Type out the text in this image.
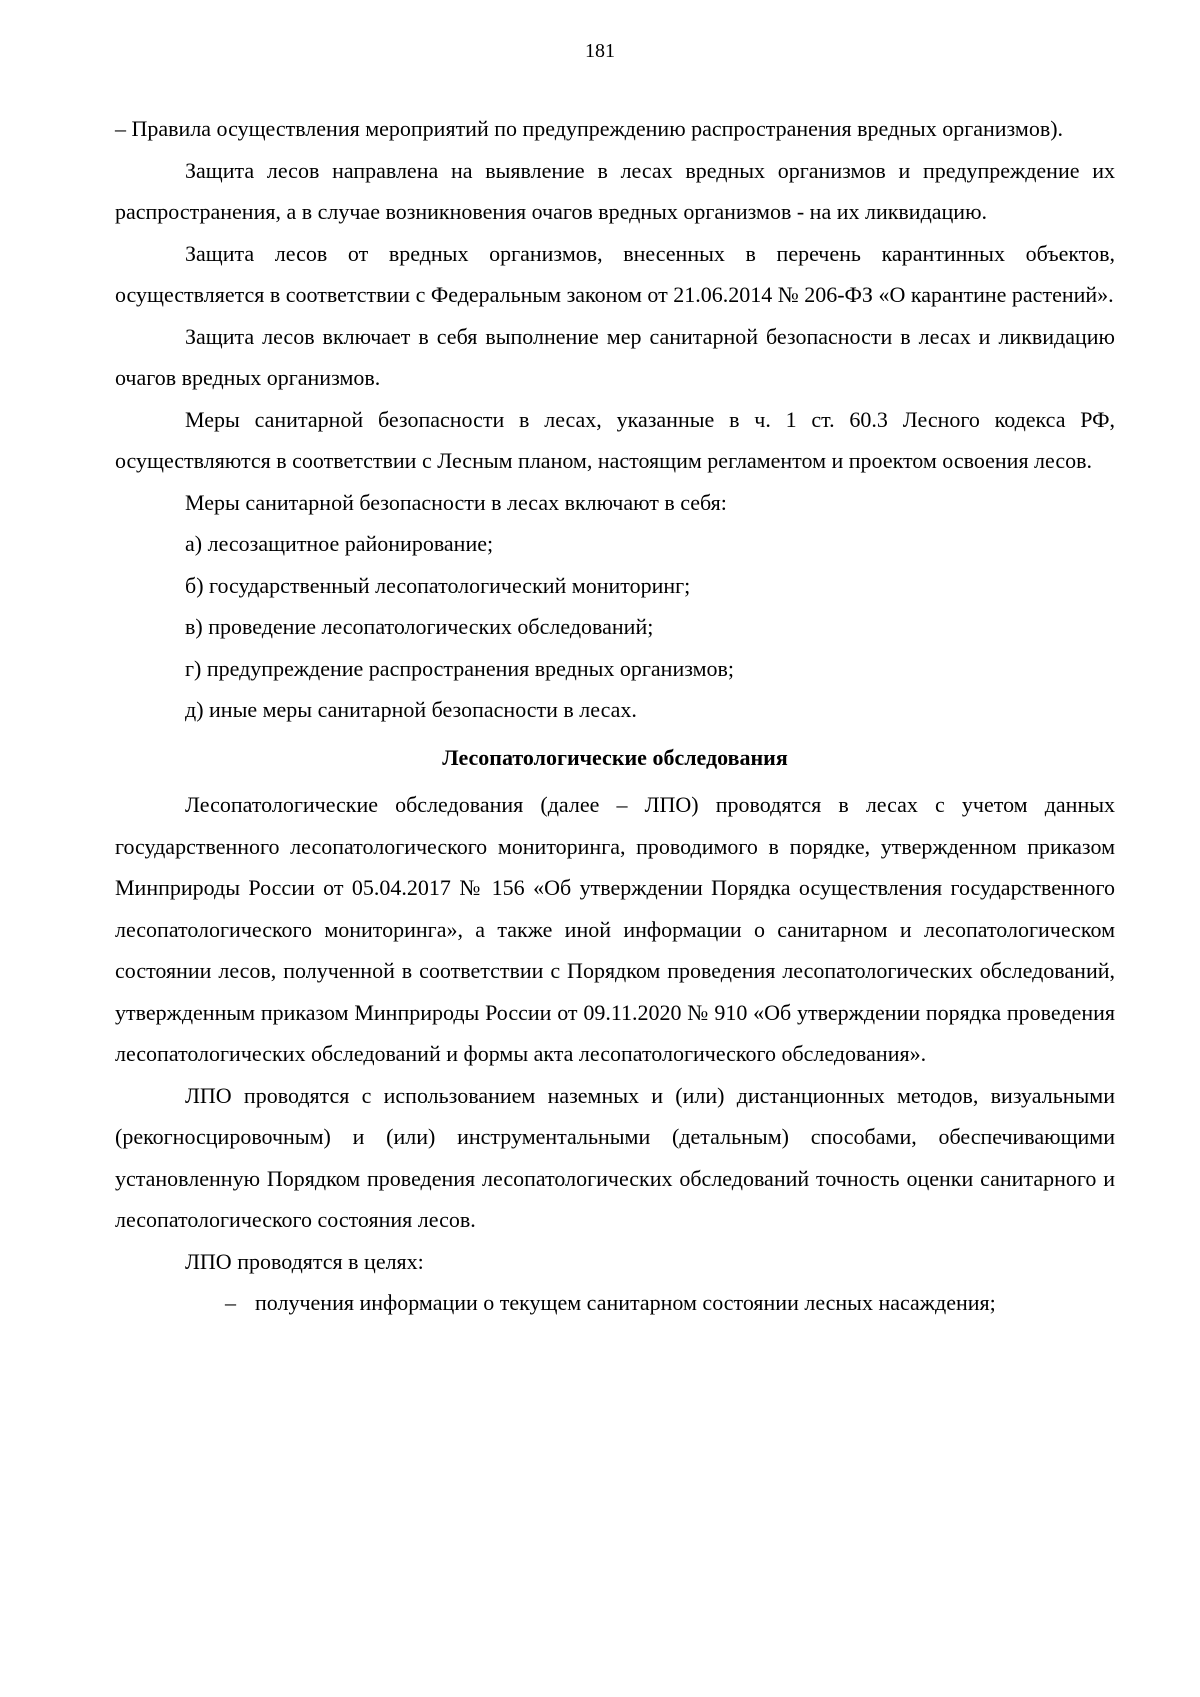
181

– Правила осуществления мероприятий по предупреждению распространения вредных организмов).

Защита лесов направлена на выявление в лесах вредных организмов и предупреждение их распространения, а в случае возникновения очагов вредных организмов - на их ликвидацию.

Защита лесов от вредных организмов, внесенных в перечень карантинных объектов, осуществляется в соответствии с Федеральным законом от 21.06.2014 № 206-ФЗ «О карантине растений».

Защита лесов включает в себя выполнение мер санитарной безопасности в лесах и ликвидацию очагов вредных организмов.

Меры санитарной безопасности в лесах, указанные в ч. 1 ст. 60.3 Лесного кодекса РФ, осуществляются в соответствии с Лесным планом, настоящим регламентом и проектом освоения лесов.

Меры санитарной безопасности в лесах включают в себя:

а) лесозащитное районирование;

б) государственный лесопатологический мониторинг;

в) проведение лесопатологических обследований;

г) предупреждение распространения вредных организмов;

д) иные меры санитарной безопасности в лесах.

Лесопатологические обследования

Лесопатологические обследования (далее – ЛПО) проводятся в лесах с учетом данных государственного лесопатологического мониторинга, проводимого в порядке, утвержденном приказом Минприроды России от 05.04.2017 № 156 «Об утверждении Порядка осуществления государственного лесопатологического мониторинга», а также иной информации о санитарном и лесопатологическом состоянии лесов, полученной в соответствии с Порядком проведения лесопатологических обследований, утвержденным приказом Минприроды России от 09.11.2020 № 910 «Об утверждении порядка проведения лесопатологических обследований и формы акта лесопатологического обследования».

ЛПО проводятся с использованием наземных и (или) дистанционных методов, визуальными (рекогносцировочным) и (или) инструментальными (детальным) способами, обеспечивающими установленную Порядком проведения лесопатологических обследований точность оценки санитарного и лесопатологического состояния лесов.

ЛПО проводятся в целях:

– получения информации о текущем санитарном состоянии лесных насаждения;
